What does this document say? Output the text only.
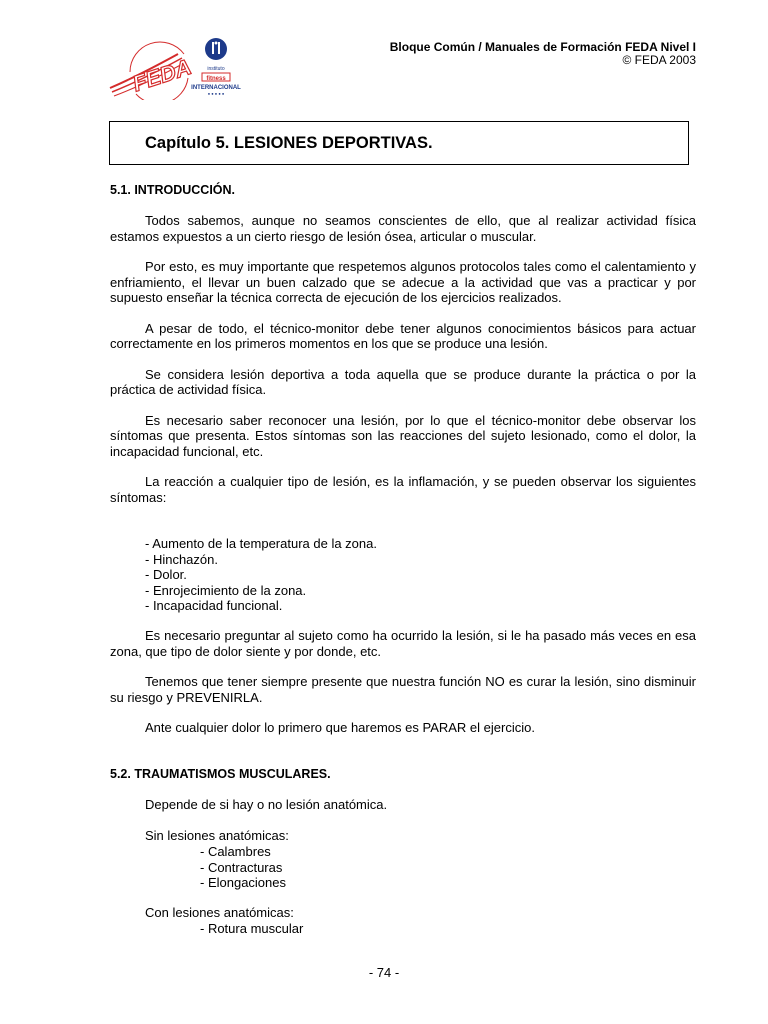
FEDA	instituto
fitness
INTERNACIONAL
● ● ● ● ●
Bloque Común / Manuales de Formación FEDA Nivel I
© FEDA 2003
Capítulo 5. LESIONES DEPORTIVAS.
5.1. INTRODUCCIÓN.

Todos sabemos, aunque no seamos conscientes de ello, que al realizar actividad física estamos expuestos a un cierto riesgo de lesión ósea, articular o muscular.

Por esto, es muy importante que respetemos algunos protocolos tales como el calentamiento y enfriamiento, el llevar un buen calzado que se adecue a la actividad que vas a practicar y por supuesto enseñar la técnica correcta de ejecución de los ejercicios realizados.

A pesar de todo, el técnico-monitor debe tener algunos conocimientos básicos para actuar correctamente en los primeros momentos en los que se produce una lesión.

Se considera lesión deportiva a toda aquella que se produce durante la práctica o por la práctica de actividad física.

Es necesario saber reconocer una lesión, por lo que el técnico-monitor debe observar los síntomas que presenta. Estos síntomas son las reacciones del sujeto lesionado, como el dolor, la incapacidad funcional, etc.

La reacción a cualquier tipo de lesión, es la inflamación, y se pueden observar los siguientes síntomas:

- Aumento de la temperatura de la zona.
- Hinchazón.
- Dolor.
- Enrojecimiento de la zona.
- Incapacidad funcional.

Es necesario preguntar al sujeto como ha ocurrido la lesión, si le ha pasado más veces en esa zona, que tipo de dolor siente y por donde, etc.

Tenemos que tener siempre presente que nuestra función NO es curar la lesión, sino disminuir su riesgo y PREVENIRLA.

Ante cualquier dolor lo primero que haremos es PARAR el ejercicio.

5.2. TRAUMATISMOS MUSCULARES.
Depende de si hay o no lesión anatómica.
Sin lesiones anatómicas:
- Calambres
- Contracturas
- Elongaciones
Con lesiones anatómicas:
- Rotura muscular
- 74 -
